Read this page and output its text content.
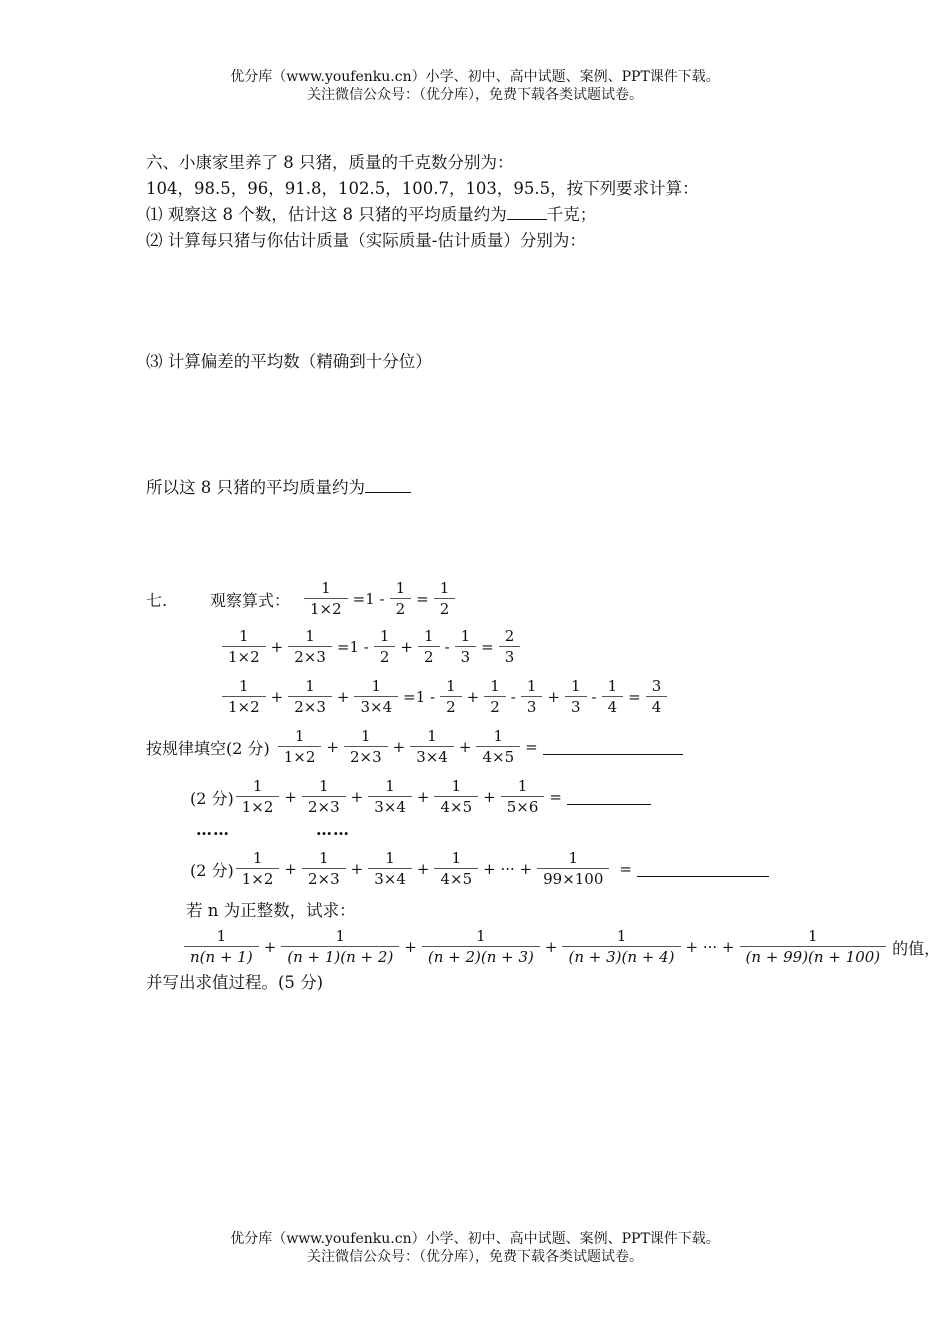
优分库（www.youfenku.cn）小学、初中、高中试题、案例、PPT课件下载。
关注微信公众号：（优分库），免费下载各类试题试卷。
六、小康家里养了 8 只猪，质量的千克数分别为：
104，98.5，96，91.8，102.5，100.7，103，95.5，按下列要求计算：
⑴ 观察这 8 个数，估计这 8 只猪的平均质量约为 千克；
⑵ 计算每只猪与你估计质量（实际质量-估计质量）分别为：
⑶ 计算偏差的平均数（精确到十分位）
所以这 8 只猪的平均质量约为
七.	观察算式： $\frac{1}{1\times 2} =1 - \frac{1}{2} = \frac{1}{2}$
$\frac{1}{1\times 2} + \frac{1}{2\times 3} =1 - \frac{1}{2} + \frac{1}{2} - \frac{1}{3} = \frac{2}{3}$
$\frac{1}{1\times 2} + \frac{1}{2\times 3} + \frac{1}{3\times 4} =1 - \frac{1}{2} + \frac{1}{2} - \frac{1}{3} + \frac{1}{3} - \frac{1}{4} = \frac{3}{4}$
按规律填空(2 分) $\frac{1}{1\times 2} + \frac{1}{2\times 3} + \frac{1}{3\times 4} + \frac{1}{4\times 5}$ =
(2 分) $\frac{1}{1\times 2} + \frac{1}{2\times 3} + \frac{1}{3\times 4} + \frac{1}{4\times 5} + \frac{1}{5\times 6}$ =
……	……
(2 分) $\frac{1}{1\times 2} + \frac{1}{2\times 3} + \frac{1}{3\times 4} + \frac{1}{4\times 5}$ + ··· + $\frac{1}{99\times 100}$ =
若 n 为正整数，试求：
$\frac{1}{n(n + 1)} + \frac{1}{(n + 1)(n + 2)} + \frac{1}{(n + 2)(n + 3)} + \frac{1}{(n + 3)(n + 4)}$ + ··· + $\frac{1}{(n + 99)(n + 100)}$ 的值，
并写出求值过程。(5 分)
优分库（www.youfenku.cn）小学、初中、高中试题、案例、PPT课件下载。
关注微信公众号：（优分库），免费下载各类试题试卷。
